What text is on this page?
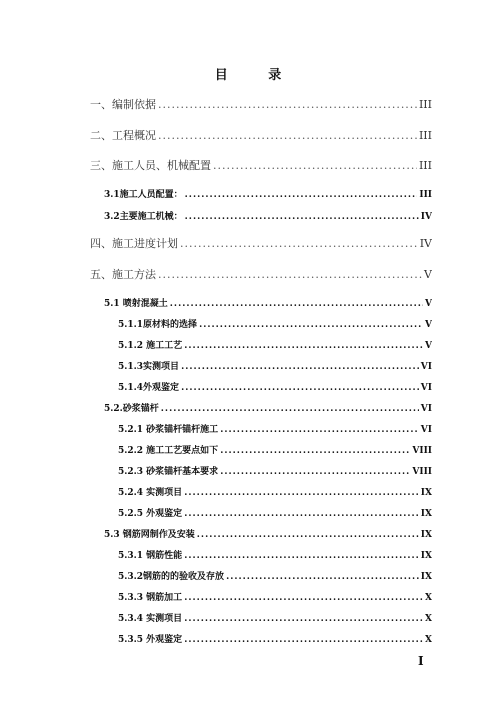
目 录
一、编制依据 .....	III
二、工程概况 .....	III
三、施工人员、机械配置 .....	III
3.1施工人员配置： .....	III
3.2主要施工机械： .....	IV
四、施工进度计划 .....	IV
五、施工方法 .....	V
5.1 喷射混凝土 .....	V
5.1.1原材料的选择 .....	V
5.1.2 施工工艺 .....	V
5.1.3实测项目 .....	VI
5.1.4外观鉴定 .....	VI
5.2.砂浆锚杆 .....	VI
5.2.1 砂浆锚杆锚杆施工 .....	VI
5.2.2 施工工艺要点如下 .....	VIII
5.2.3 砂浆锚杆基本要求 .....	VIII
5.2.4 实测项目 .....	IX
5.2.5 外观鉴定 .....	IX
5.3 钢筋网制作及安装 .....	IX
5.3.1 钢筋性能 .....	IX
5.3.2钢筋的的验收及存放 .....	IX
5.3.3 钢筋加工 .....	X
5.3.4 实测项目 .....	X
5.3.5 外观鉴定 .....	X
I
